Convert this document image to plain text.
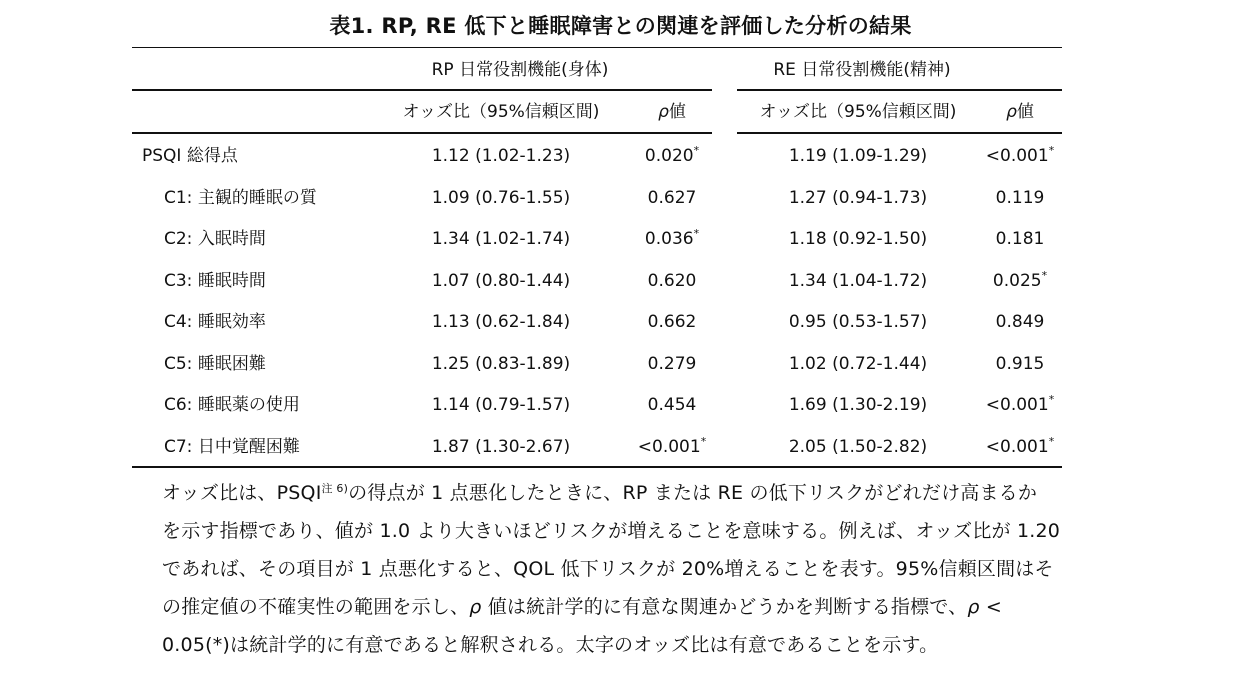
表1. RP, RE 低下と睡眠障害との関連を評価した分析の結果
RP 日常役割機能(身体)	RE 日常役割機能(精神)
オッズ比（95%信頼区間)	ρ値	オッズ比（95%信頼区間)	ρ値
PSQI 総得点	1.12 (1.02-1.23)	0.020*	1.19 (1.09-1.29)	<0.001*
C1: 主観的睡眠の質	1.09 (0.76-1.55)	0.627	1.27 (0.94-1.73)	0.119
C2: 入眠時間	1.34 (1.02-1.74)	0.036*	1.18 (0.92-1.50)	0.181
C3: 睡眠時間	1.07 (0.80-1.44)	0.620	1.34 (1.04-1.72)	0.025*
C4: 睡眠効率	1.13 (0.62-1.84)	0.662	0.95 (0.53-1.57)	0.849
C5: 睡眠困難	1.25 (0.83-1.89)	0.279	1.02 (0.72-1.44)	0.915
C6: 睡眠薬の使用	1.14 (0.79-1.57)	0.454	1.69 (1.30-2.19)	<0.001*
C7: 日中覚醒困難	1.87 (1.30-2.67)	<0.001*	2.05 (1.50-2.82)	<0.001*

オッズ比は、$PSQI^{注 6)}$の得点が 1 点悪化したときに、RP または RE の低下リスクがどれだけ高まるか

を示す指標であり、値が 1.0 より大きいほどリスクが増えることを意味する。例えば、オッズ比が 1.20

であれば、その項目が 1 点悪化すると、QOL 低下リスクが 20%増えることを表す。95%信頼区間はそ

の推定値の不確実性の範囲を示し、ρ 値は統計学的に有意な関連かどうかを判断する指標で、ρ <

0.05(*)は統計学的に有意であると解釈される。太字のオッズ比は有意であることを示す。
